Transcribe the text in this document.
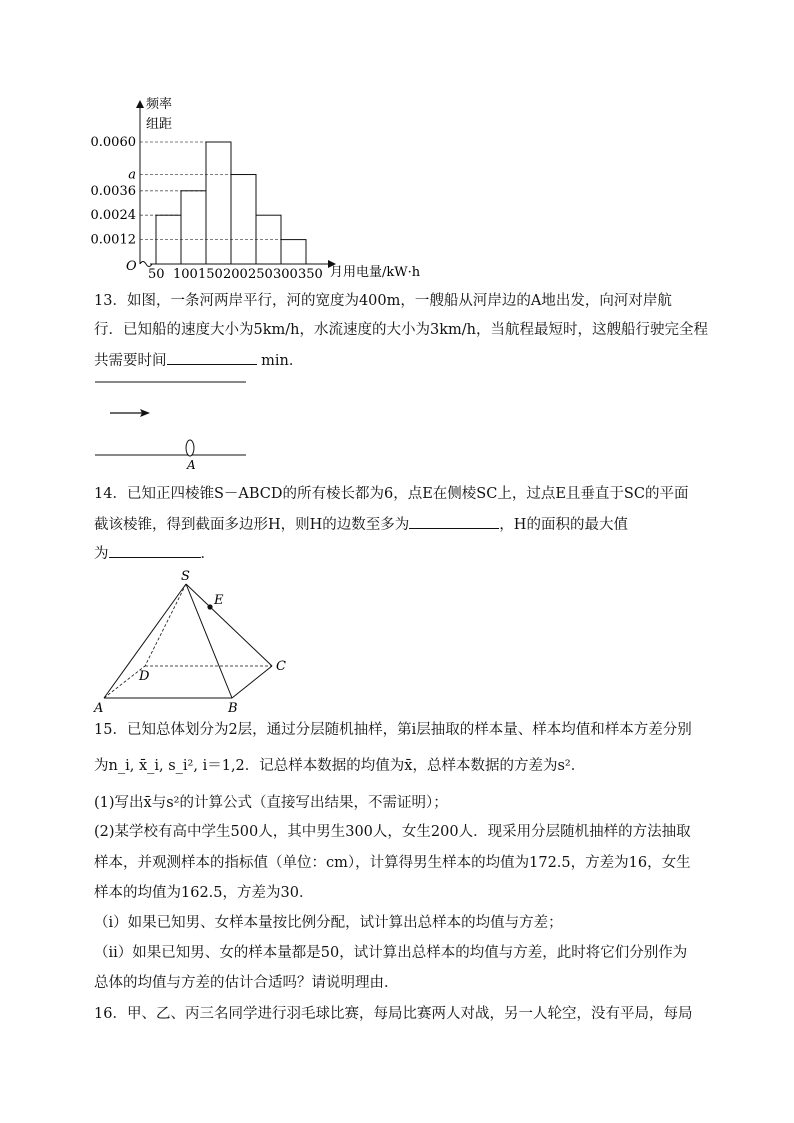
频率
组距
O	月用电量/kW·h
0.0060
a
0.0036
0.0024
0.0012
50 100 150 200 250 300 350
13．如图，一条河两岸平行，河的宽度为400m，一艘船从河岸边的A地出发，向河对岸航
行．已知船的速度大小为5km/h，水流速度的大小为3km/h，当航程最短时，这艘船行驶完全程
共需要时间	min．
A
14．已知正四棱锥S－ABCD的所有棱长都为6，点E在侧棱SC上，过点E且垂直于SC的平面
截该棱锥，得到截面多边形H，则H的边数至多为	，H的面积的最大值
为	．
S
E
C
D
A	B
15．已知总体划分为2层，通过分层随机抽样，第i层抽取的样本量、样本均值和样本方差分别
为n_i, x̄_i, s_i², i＝1,2．记总样本数据的均值为x̄，总样本数据的方差为s²．
(1)写出x̄与s²的计算公式（直接写出结果，不需证明）；
(2)某学校有高中学生500人，其中男生300人，女生200人．现采用分层随机抽样的方法抽取
样本，并观测样本的指标值（单位：cm），计算得男生样本的均值为172.5，方差为16，女生
样本的均值为162.5，方差为30．
（i）如果已知男、女样本量按比例分配，试计算出总样本的均值与方差；
（ii）如果已知男、女的样本量都是50，试计算出总样本的均值与方差，此时将它们分别作为
总体的均值与方差的估计合适吗？请说明理由．
16．甲、乙、丙三名同学进行羽毛球比赛，每局比赛两人对战，另一人轮空，没有平局，每局
